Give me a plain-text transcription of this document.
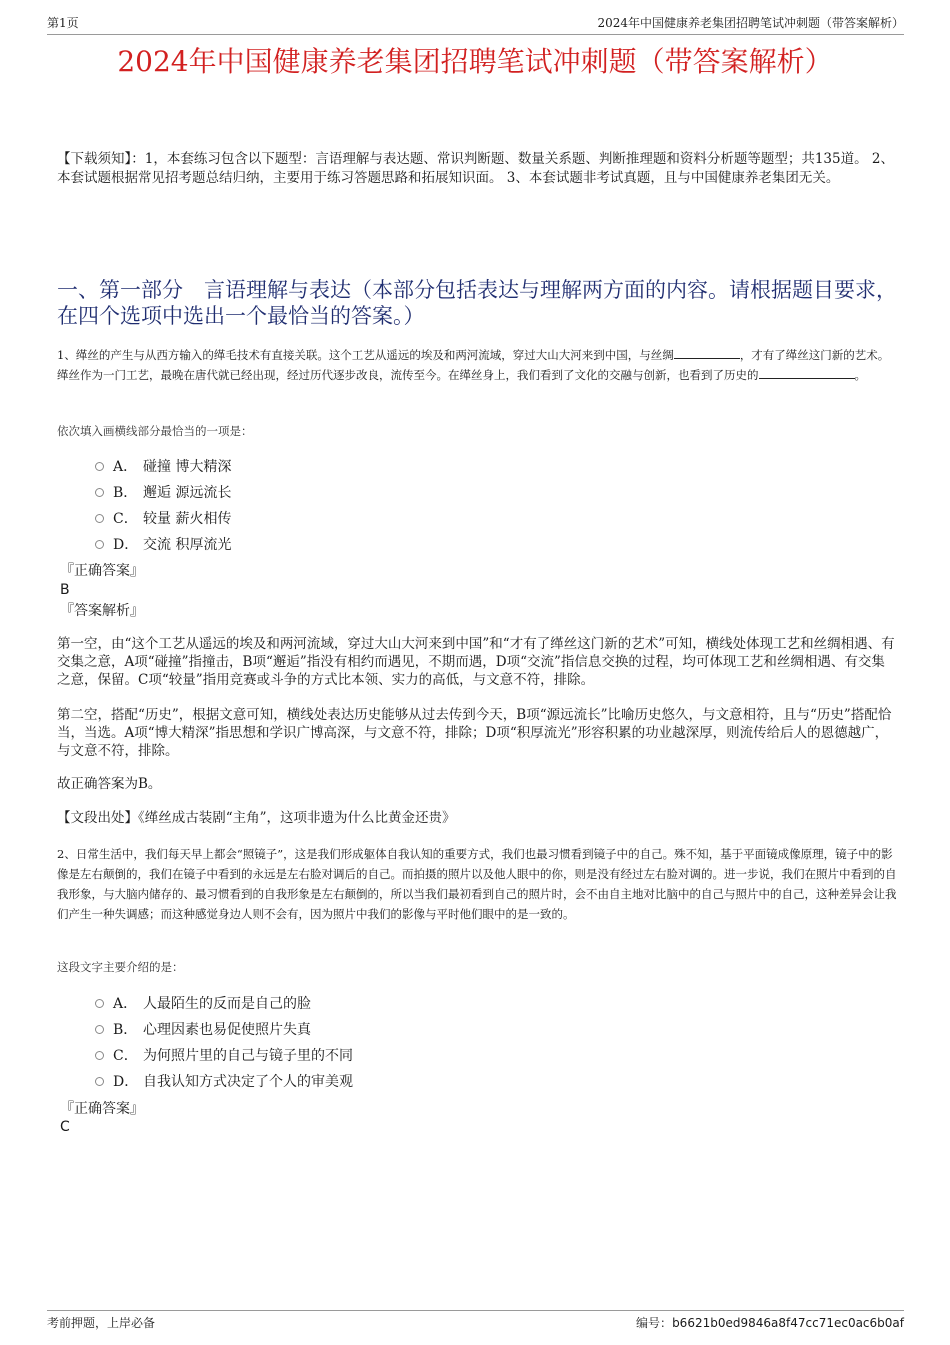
第1页	2024年中国健康养老集团招聘笔试冲刺题（带答案解析）
2024年中国健康养老集团招聘笔试冲刺题（带答案解析）
【下载须知】：1，本套练习包含以下题型：言语理解与表达题、常识判断题、数量关系题、判断推理题和资料分析题等题型；共135道。 2、本套试题根据常见招考题总结归纳，主要用于练习答题思路和拓展知识面。 3、本套试题非考试真题，且与中国健康养老集团无关。
一、第一部分　言语理解与表达（本部分包括表达与理解两方面的内容。请根据题目要求，在四个选项中选出一个最恰当的答案。）
1、缂丝的产生与从西方输入的缂毛技术有直接关联。这个工艺从遥远的埃及和两河流域，穿过大山大河来到中国，与丝绸	，才有了缂丝这门新的艺术。缂丝作为一门工艺，最晚在唐代就已经出现，经过历代逐步改良，流传至今。在缂丝身上，我们看到了文化的交融与创新，也看到了历史的	。
依次填入画横线部分最恰当的一项是：
A． 碰撞 博大精深
B． 邂逅 源远流长
C． 较量 薪火相传
D． 交流 积厚流光
『正确答案』
B
『答案解析』

第一空，由“这个工艺从遥远的埃及和两河流域，穿过大山大河来到中国”和“才有了缂丝这门新的艺术”可知，横线处体现工艺和丝绸相遇、有交集之意，A项“碰撞”指撞击，B项“邂逅”指没有相约而遇见，不期而遇，D项“交流”指信息交换的过程，均可体现工艺和丝绸相遇、有交集之意，保留。C项“较量”指用竞赛或斗争的方式比本领、实力的高低，与文意不符，排除。

第二空，搭配“历史”，根据文意可知，横线处表达历史能够从过去传到今天，B项“源远流长”比喻历史悠久，与文意相符，且与“历史”搭配恰当，当选。A项“博大精深”指思想和学识广博高深，与文意不符，排除；D项“积厚流光”形容积累的功业越深厚，则流传给后人的恩德越广，与文意不符，排除。

故正确答案为B。

【文段出处】《缂丝成古装剧“主角”，这项非遗为什么比黄金还贵》

2、日常生活中，我们每天早上都会“照镜子”，这是我们形成躯体自我认知的重要方式，我们也最习惯看到镜子中的自己。殊不知，基于平面镜成像原理，镜子中的影像是左右颠倒的，我们在镜子中看到的永远是左右脸对调后的自己。而拍摄的照片以及他人眼中的你，则是没有经过左右脸对调的。进一步说，我们在照片中看到的自我形象，与大脑内储存的、最习惯看到的自我形象是左右颠倒的，所以当我们最初看到自己的照片时，会不由自主地对比脑中的自己与照片中的自己，这种差异会让我们产生一种失调感；而这种感觉身边人则不会有，因为照片中我们的影像与平时他们眼中的是一致的。
这段文字主要介绍的是：
A． 人最陌生的反而是自己的脸
B． 心理因素也易促使照片失真
C． 为何照片里的自己与镜子里的不同
D． 自我认知方式决定了个人的审美观
『正确答案』
C
考前押题，上岸必备	编号：b6621b0ed9846a8f47cc71ec0ac6b0af
